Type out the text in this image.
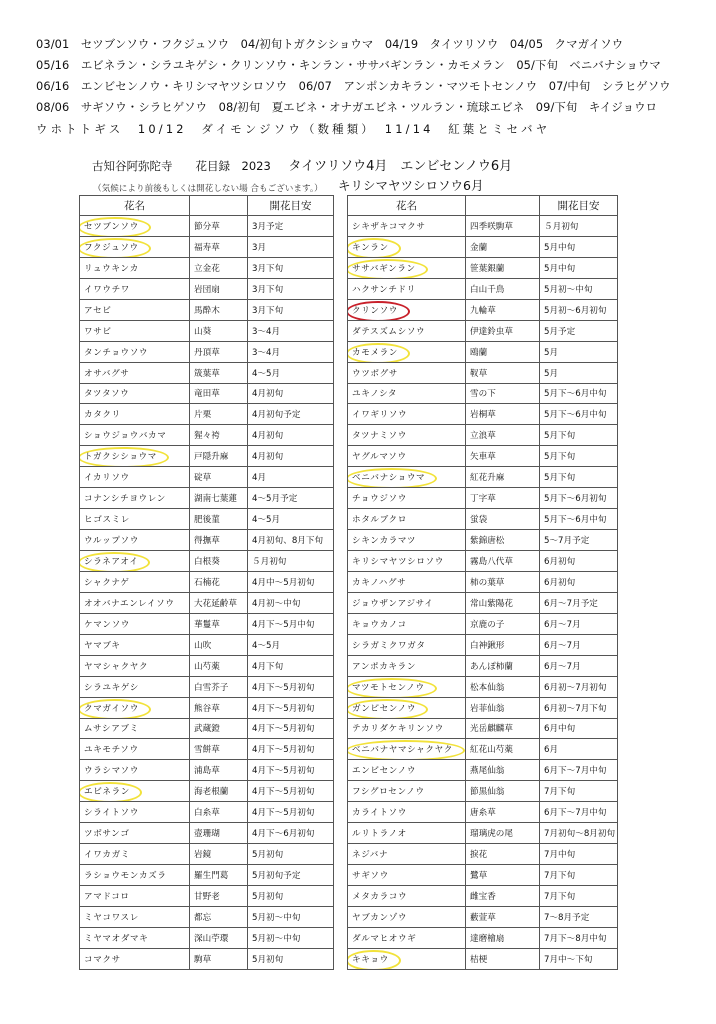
03/01　セツブンソウ・フクジュソウ　04/初旬トガクシショウマ　04/19　タイツリソウ　04/05　クマガイソウ
05/16　エビネラン・シラユキゲシ・クリンソウ・キンラン・ササバギンラン・カモメラン　05/下旬　ベニバナショウマ
06/16　エンビセンノウ・キリシマヤツシロソウ　06/07　アンポンカキラン・マツモトセンノウ　07/中旬　シラヒゲソウ
08/06　サギソウ・シラヒゲソウ　08/初旬　夏エビネ・オナガエビネ・ツルラン・琉球エビネ　09/下旬　キイジョウロ
ウホトトギス　10/12　ダイモンジソウ（数種類）　11/14　紅葉とミセバヤ
古知谷阿弥陀寺　　花目録　2023 タイツリソウ4月　エンビセンノウ6月
キリシマヤツシロソウ6月
（気候により前後もしくは開花しない場 合もございます。）
花名		開花目安
セツブンソウ	節分草	3月予定
フクジュソウ	福寿草	3月
リュウキンカ	立金花	3月下旬
イワウチワ	岩団扇	3月下旬
アセビ	馬酔木	3月下旬
ワサビ	山葵	3～4月
タンチョウソウ	丹頂草	3～4月
オサバグサ	筬葉草	4～5月
タツタソウ	竜田草	4月初旬
カタクリ	片栗	4月初旬予定
ショウジョウバカマ	猩々袴	4月初旬
トガクシショウマ	戸隠升麻	4月初旬
イカリソウ	碇草	4月
コナンシチヨウレン	湖南七葉蓮	4～5月予定
ヒゴスミレ	肥後菫	4～5月
ウルップソウ	得撫草	4月初旬、8月下旬
シラネアオイ	白根葵	５月初旬
シャクナゲ	石楠花	4月中～5月初旬
オオバナエンレイソウ	大花延齢草	4月初～中旬
ケマンソウ	華鬘草	4月下～5月中旬
ヤマブキ	山吹	4～5月
ヤマシャクヤク	山芍薬	4月下旬
シラユキゲシ	白雪芥子	4月下～5月初旬
クマガイソウ	熊谷草	4月下～5月初旬
ムサシアブミ	武蔵鐙	4月下～5月初旬
ユキモチソウ	雪餅草	4月下～5月初旬
ウラシマソウ	浦島草	4月下～5月初旬
エビネラン	海老根蘭	4月下～5月初旬
シライトソウ	白糸草	4月下～5月初旬
ツボサンゴ	壺珊瑚	4月下～6月初旬
イワカガミ	岩鏡	5月初旬
ラショウモンカズラ	羅生門葛	5月初旬予定
アマドコロ	甘野老	5月初旬
ミヤコワスレ	都忘	5月初～中旬
ミヤマオダマキ	深山苧環	5月初～中旬
コマクサ	駒草	5月初旬
花名		開花目安
シキザキコマクサ	四季咲駒草	５月初旬
キンラン	金蘭	5月中旬
ササバギンラン	笹葉銀蘭	5月中旬
ハクサンチドリ	白山千鳥	5月初～中旬
クリンソウ	九輪草	5月初～6月初旬
ダテスズムシソウ	伊達鈴虫草	5月予定
カモメラン	鴎蘭	5月
ウツボグサ	靫草	5月
ユキノシタ	雪の下	5月下～6月中旬
イワギリソウ	岩桐草	5月下～6月中旬
タツナミソウ	立浪草	5月下旬
ヤグルマソウ	矢車草	5月下旬
ベニバナショウマ	紅花升麻	5月下旬
チョウジソウ	丁字草	5月下～6月初旬
ホタルブクロ	蛍袋	5月下～6月中旬
シキンカラマツ	紫錦唐松	5～7月予定
キリシマヤツシロソウ	霧島八代草	6月初旬
カキノハグサ	柿の葉草	6月初旬
ジョウザンアジサイ	常山紫陽花	6月～7月予定
キョウカノコ	京鹿の子	6月～7月
シラガミクワガタ	白神鍬形	6月～7月
アンポカキラン	あんぽ柿蘭	6月～7月
マツモトセンノウ	松本仙翁	6月初～7月初旬
ガンピセンノウ	岩菲仙翁	6月初～7月下旬
テカリダケキリンソウ	光岳麒麟草	6月中旬
ベニバナヤマシャクヤク	紅花山芍薬	6月
エンビセンノウ	燕尾仙翁	6月下～7月中旬
フシグロセンノウ	節黒仙翁	7月下旬
カライトソウ	唐糸草	6月下～7月中旬
ルリトラノオ	瑠璃虎の尾	7月初旬～8月初旬
ネジバナ	捩花	7月中旬
サギソウ	鷺草	7月下旬
メタカラコウ	雌宝香	7月下旬
ヤブカンゾウ	藪萱草	7～8月予定
ダルマヒオウギ	達磨檜扇	7月下～8月中旬
キキョウ	桔梗	7月中～下旬
